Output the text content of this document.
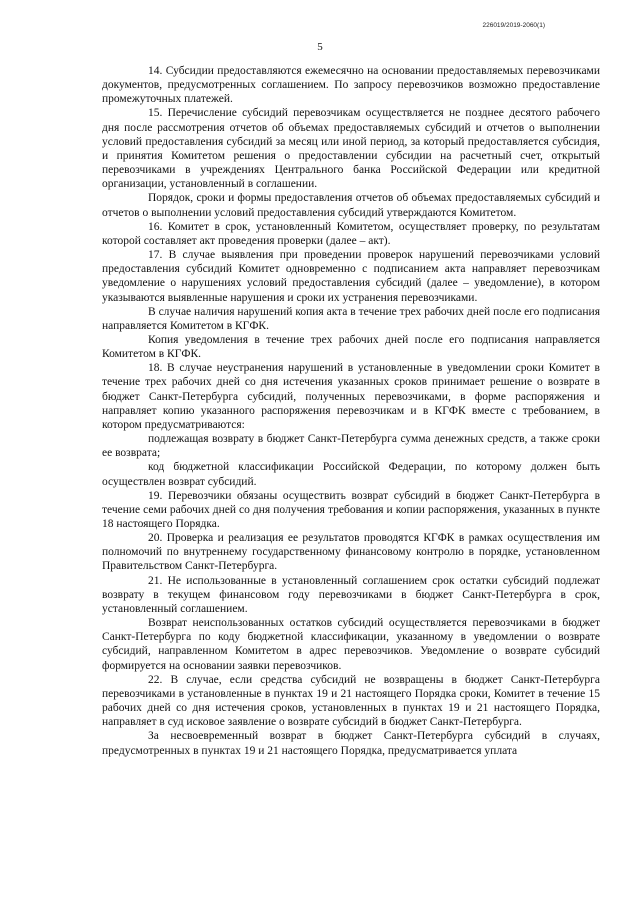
226019/2019-2060(1)
5

14. Субсидии предоставляются ежемесячно на основании предоставляемых перевозчиками документов, предусмотренных соглашением. По запросу перевозчиков возможно предоставление промежуточных платежей.

15. Перечисление субсидий перевозчикам осуществляется не позднее десятого рабочего дня после рассмотрения отчетов об объемах предоставляемых субсидий и отчетов о выполнении условий предоставления субсидий за месяц или иной период, за который предоставляется субсидия, и принятия Комитетом решения о предоставлении субсидии на расчетный счет, открытый перевозчиками в учреждениях Центрального банка Российской Федерации или кредитной организации, установленный в соглашении.

Порядок, сроки и формы предоставления отчетов об объемах предоставляемых субсидий и отчетов о выполнении условий предоставления субсидий утверждаются Комитетом.

16. Комитет в срок, установленный Комитетом, осуществляет проверку, по результатам которой составляет акт проведения проверки (далее – акт).

17. В случае выявления при проведении проверок нарушений перевозчиками условий предоставления субсидий Комитет одновременно с подписанием акта направляет перевозчикам уведомление о нарушениях условий предоставления субсидий (далее – уведомление), в котором указываются выявленные нарушения и сроки их устранения перевозчиками.

В случае наличия нарушений копия акта в течение трех рабочих дней после его подписания направляется Комитетом в КГФК.

Копия уведомления в течение трех рабочих дней после его подписания направляется Комитетом в КГФК.

18. В случае неустранения нарушений в установленные в уведомлении сроки Комитет в течение трех рабочих дней со дня истечения указанных сроков принимает решение о возврате в бюджет Санкт-Петербурга субсидий, полученных перевозчиками, в форме распоряжения и направляет копию указанного распоряжения перевозчикам и в КГФК вместе с требованием, в котором предусматриваются:

подлежащая возврату в бюджет Санкт-Петербурга сумма денежных средств, а также сроки ее возврата;

код бюджетной классификации Российской Федерации, по которому должен быть осуществлен возврат субсидий.

19. Перевозчики обязаны осуществить возврат субсидий в бюджет Санкт-Петербурга в течение семи рабочих дней со дня получения требования и копии распоряжения, указанных в пункте 18 настоящего Порядка.

20. Проверка и реализация ее результатов проводятся КГФК в рамках осуществления им полномочий по внутреннему государственному финансовому контролю в порядке, установленном Правительством Санкт-Петербурга.

21. Не использованные в установленный соглашением срок остатки субсидий подлежат возврату в текущем финансовом году перевозчиками в бюджет Санкт-Петербурга в срок, установленный соглашением.

Возврат неиспользованных остатков субсидий осуществляется перевозчиками в бюджет Санкт-Петербурга по коду бюджетной классификации, указанному в уведомлении о возврате субсидий, направленном Комитетом в адрес перевозчиков. Уведомление о возврате субсидий формируется на основании заявки перевозчиков.

22. В случае, если средства субсидий не возвращены в бюджет Санкт-Петербурга перевозчиками в установленные в пунктах 19 и 21 настоящего Порядка сроки, Комитет в течение 15 рабочих дней со дня истечения сроков, установленных в пунктах 19 и 21 настоящего Порядка, направляет в суд исковое заявление о возврате субсидий в бюджет Санкт-Петербурга.

За несвоевременный возврат в бюджет Санкт-Петербурга субсидий в случаях, предусмотренных в пунктах 19 и 21 настоящего Порядка, предусматривается уплата
